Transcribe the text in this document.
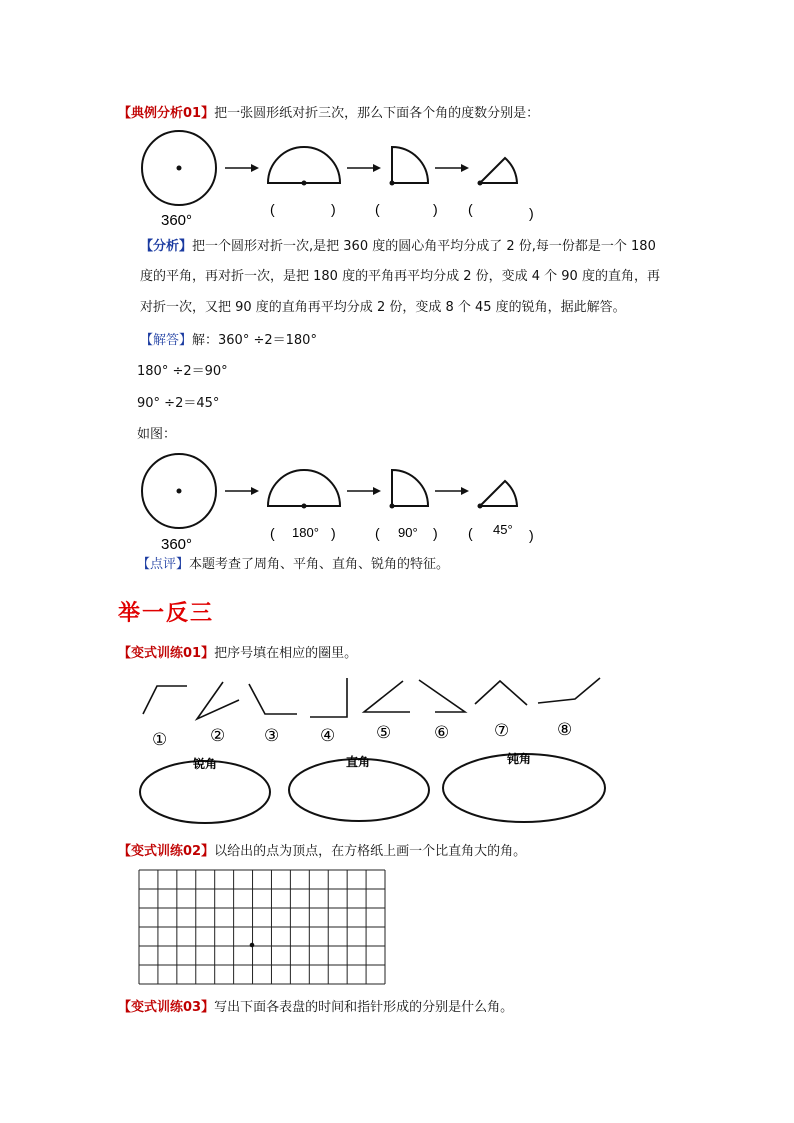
【典例分析01】把一张圆形纸对折三次，那么下面各个角的度数分别是：
360°
(	)	(	) (	)
【分析】把一个圆形对折一次,是把 360 度的圆心角平均分成了 2 份,每一份都是一个 180
度的平角，再对折一次，是把 180 度的平角再平均分成 2 份，变成 4 个 90 度的直角，再
对折一次，又把 90 度的直角再平均分成 2 份，变成 8 个 45 度的锐角，据此解答。
【解答】解：360° ÷2＝180°
180° ÷2＝90°
90° ÷2＝45°
如图：
360°
( 180° )	( 90° ) ( 45° )
【点评】本题考查了周角、平角、直角、锐角的特征。
举一反三
【变式训练01】把序号填在相应的圈里。
①	② ③ ④ ⑤	⑥	⑦	⑧
锐角	直角	钝角
【变式训练02】以给出的点为顶点，在方格纸上画一个比直角大的角。
【变式训练03】写出下面各表盘的时间和指针形成的分别是什么角。
